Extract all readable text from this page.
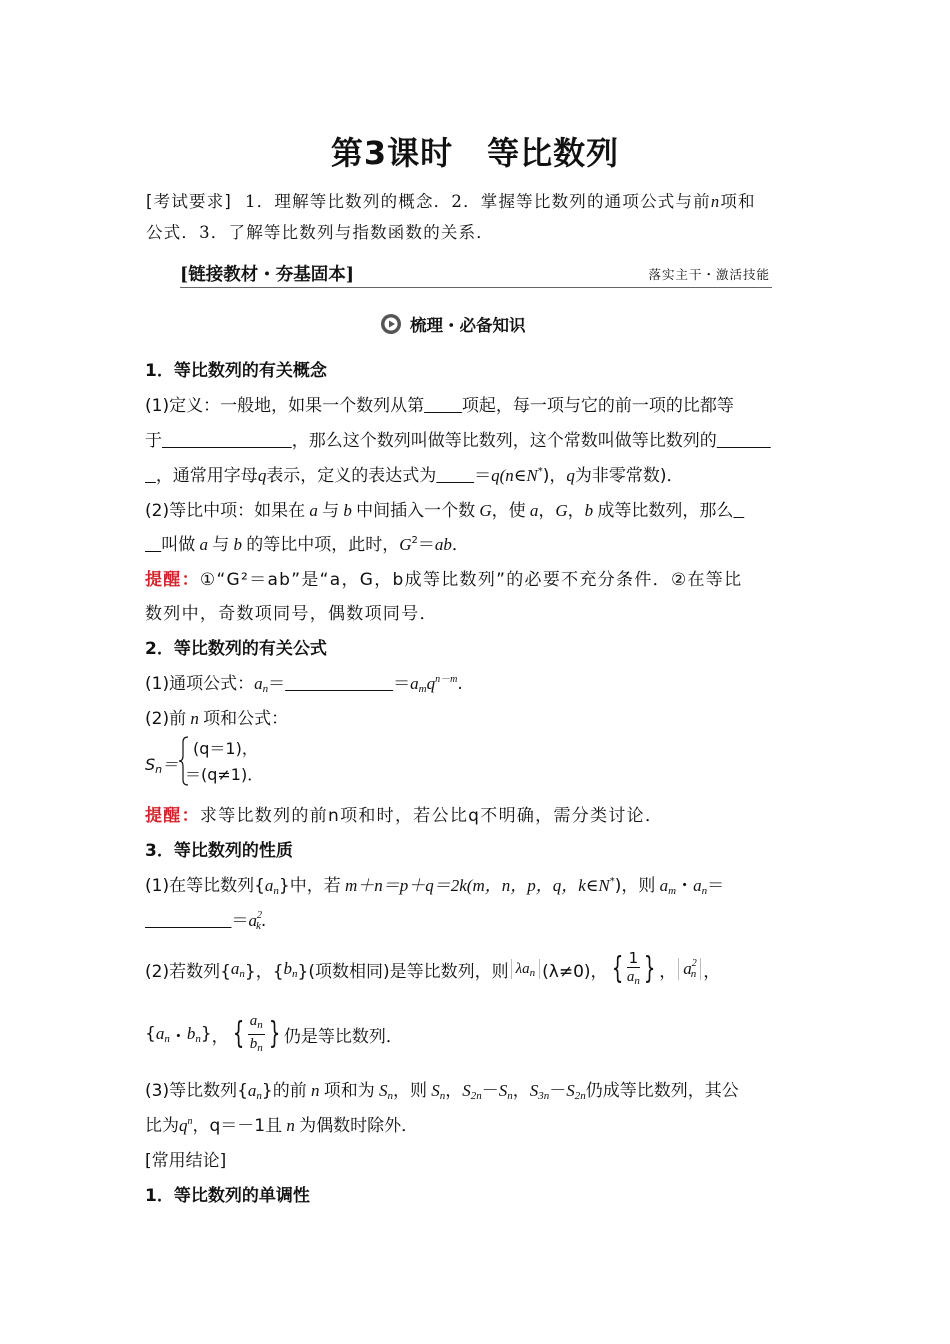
第3课时 等比数列
[考试要求] 1．理解等比数列的概念．2．掌握等比数列的通项公式与前n项和
公式．3．了解等比数列与指数函数的关系．
[链接教材・夯基固本]	落实主干・激活技能
梳理・必备知识
1．等比数列的有关概念
(1)定义：一般地，如果一个数列从第 项起，每一项与它的前一项的比都等
于	，那么这个数列叫做等比数列，这个常数叫做等比数列的
，通常用字母q表示，定义的表达式为 ＝q(n∈N*)，q为非零常数)．
(2)等比中项：如果在 a 与 b 中间插入一个数 G，使 a，G，b 成等比数列，那么
叫做 a 与 b 的等比中项，此时，$G^2=ab$．
提醒：①“G²＝ab”是“a，G，b成等比数列”的必要不充分条件．②在等比
数列中，奇数项同号，偶数项同号．
2．等比数列的有关公式
(1)通项公式：$a_n=$	$=a_mq^{n-m}$.
(2)前 n 项和公式：
$S_n=$
(q＝1)，
＝(q≠1)．
提醒：求等比数列的前n项和时，若公比q不明确，需分类讨论．
3．等比数列的性质
(1)在等比数列$\{a_n\}$中，若 m＋n＝p＋q＝2k(m，n，p，q，k∈N*)，则 $a_m$・$a_n=$
$=a^2_k$.
(2)若数列{ $a_n$ }，{ $b_n$ }(项数相同)是等比数列，则 $\lambda a_n$ (λ≠0)， { $\frac{1}{a_n}$ } ， $a^2_n$ ，
{ $a_n$ ・ $b_n$ } ， { $\frac{a_n}{b_n}$ } 仍是等比数列．
(3)等比数列$\{a_n\}$的前 n 项和为 $S_n$，则 $S_n$，$S_{2n}-S_n$，$S_{3n}-S_{2n}$仍成等比数列，其公
比为$q^n$，q＝－1且 n 为偶数时除外．
[常用结论]
1．等比数列的单调性
